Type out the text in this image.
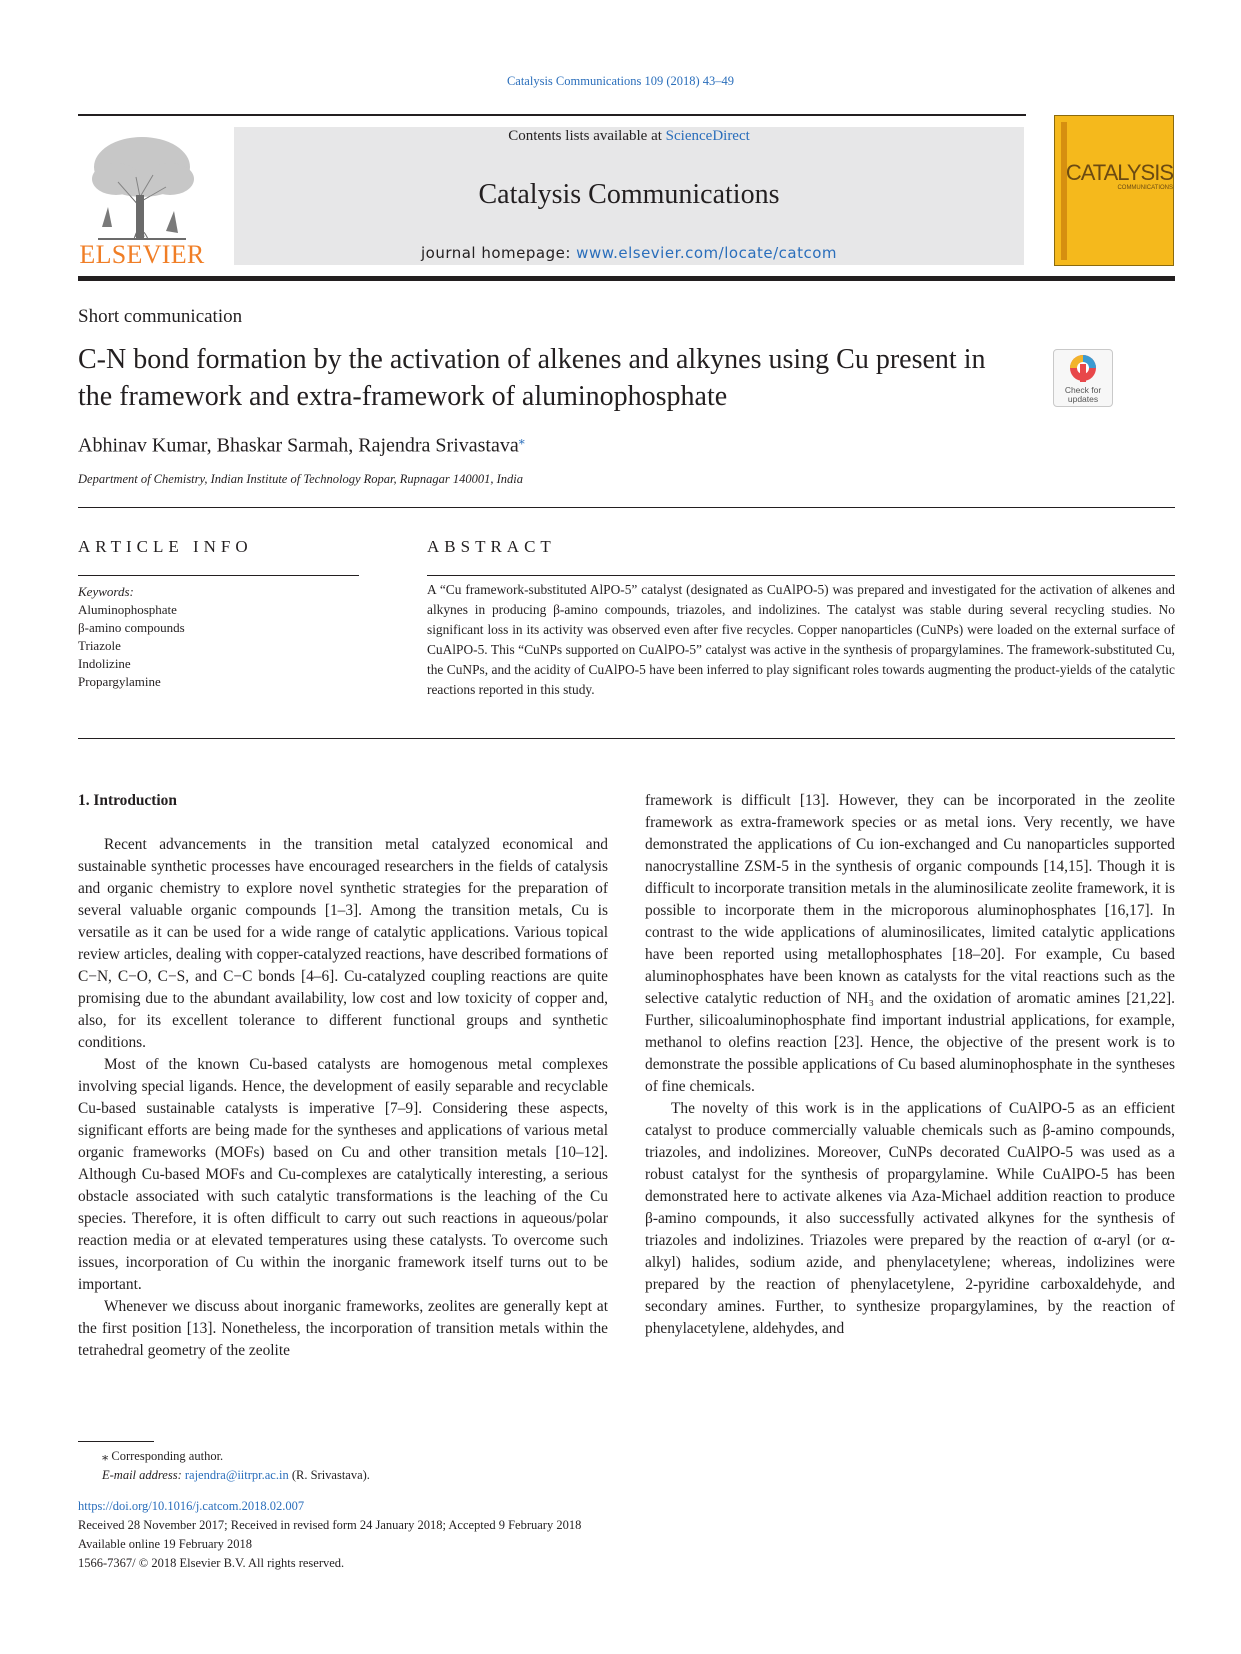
Catalysis Communications 109 (2018) 43–49
ELSEVIER
Contents lists available at ScienceDirect
Catalysis Communications
journal homepage: www.elsevier.com/locate/catcom
CATALYSIS
COMMUNICATIONS
Short communication
C-N bond formation by the activation of alkenes and alkynes using Cu present in the framework and extra-framework of aluminophosphate	Check for updates
Abhinav Kumar, Bhaskar Sarmah, Rajendra Srivastava⁎
Department of Chemistry, Indian Institute of Technology Ropar, Rupnagar 140001, India
ARTICLE INFO	ABSTRACT
Keywords:
Aluminophosphate
β-amino compounds
Triazole
Indolizine
Propargylamine

A “Cu framework-substituted AlPO-5” catalyst (designated as CuAlPO-5) was prepared and investigated for the activation of alkenes and alkynes in producing β-amino compounds, triazoles, and indolizines. The catalyst was stable during several recycling studies. No significant loss in its activity was observed even after five recycles. Copper nanoparticles (CuNPs) were loaded on the external surface of CuAlPO-5. This “CuNPs supported on CuAlPO-5” catalyst was active in the synthesis of propargylamines. The framework-substituted Cu, the CuNPs, and the acidity of CuAlPO-5 have been inferred to play significant roles towards augmenting the product-yields of the catalytic reactions reported in this study.

1. Introduction

Recent advancements in the transition metal catalyzed economical and sustainable synthetic processes have encouraged researchers in the fields of catalysis and organic chemistry to explore novel synthetic strategies for the preparation of several valuable organic compounds [1–3]. Among the transition metals, Cu is versatile as it can be used for a wide range of catalytic applications. Various topical review articles, dealing with copper-catalyzed reactions, have described formations of C−N, C−O, C−S, and C−C bonds [4–6]. Cu-catalyzed coupling reactions are quite promising due to the abundant availability, low cost and low toxicity of copper and, also, for its excellent tolerance to different functional groups and synthetic conditions.

Most of the known Cu-based catalysts are homogenous metal complexes involving special ligands. Hence, the development of easily separable and recyclable Cu-based sustainable catalysts is imperative [7–9]. Considering these aspects, significant efforts are being made for the syntheses and applications of various metal organic frameworks (MOFs) based on Cu and other transition metals [10–12]. Although Cu-based MOFs and Cu-complexes are catalytically interesting, a serious obstacle associated with such catalytic transformations is the leaching of the Cu species. Therefore, it is often difficult to carry out such reactions in aqueous/polar reaction media or at elevated temperatures using these catalysts. To overcome such issues, incorporation of Cu within the inorganic framework itself turns out to be important.

Whenever we discuss about inorganic frameworks, zeolites are generally kept at the first position [13]. Nonetheless, the incorporation of transition metals within the tetrahedral geometry of the zeolite

framework is difficult [13]. However, they can be incorporated in the zeolite framework as extra-framework species or as metal ions. Very recently, we have demonstrated the applications of Cu ion-exchanged and Cu nanoparticles supported nanocrystalline ZSM-5 in the synthesis of organic compounds [14,15]. Though it is difficult to incorporate transition metals in the aluminosilicate zeolite framework, it is possible to incorporate them in the microporous aluminophosphates [16,17]. In contrast to the wide applications of aluminosilicates, limited catalytic applications have been reported using metallophosphates [18–20]. For example, Cu based aluminophosphates have been known as catalysts for the vital reactions such as the selective catalytic reduction of NH₃ and the oxidation of aromatic amines [21,22]. Further, silicoaluminophosphate find important industrial applications, for example, methanol to olefins reaction [23]. Hence, the objective of the present work is to demonstrate the possible applications of Cu based aluminophosphate in the syntheses of fine chemicals.

The novelty of this work is in the applications of CuAlPO-5 as an efficient catalyst to produce commercially valuable chemicals such as β-amino compounds, triazoles, and indolizines. Moreover, CuNPs decorated CuAlPO-5 was used as a robust catalyst for the synthesis of propargylamine. While CuAlPO-5 has been demonstrated here to activate alkenes via Aza-Michael addition reaction to produce β-amino compounds, it also successfully activated alkynes for the synthesis of triazoles and indolizines. Triazoles were prepared by the reaction of α-aryl (or α-alkyl) halides, sodium azide, and phenylacetylene; whereas, indolizines were prepared by the reaction of phenylacetylene, 2-pyridine carboxaldehyde, and secondary amines. Further, to synthesize propargylamines, by the reaction of phenylacetylene, aldehydes, and

⁎ Corresponding author.
E-mail address: rajendra@iitrpr.ac.in (R. Srivastava).
https://doi.org/10.1016/j.catcom.2018.02.007
Received 28 November 2017; Received in revised form 24 January 2018; Accepted 9 February 2018
Available online 19 February 2018
1566-7367/ © 2018 Elsevier B.V. All rights reserved.
